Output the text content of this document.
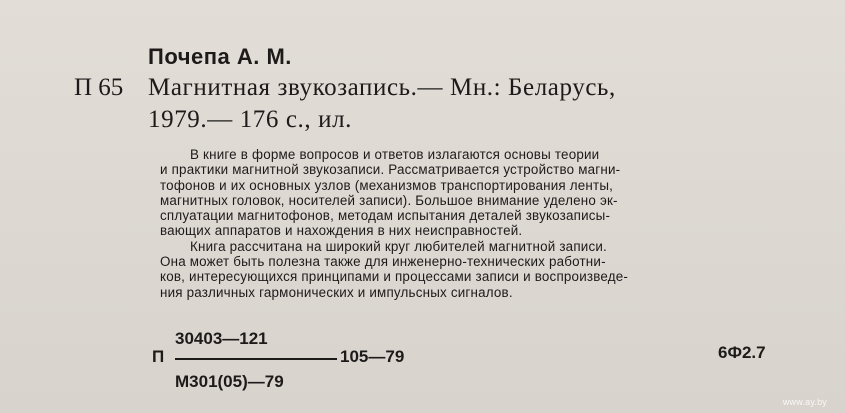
Почепа А. М.
П 65 Магнитная звукозапись.— Мн.: Беларусь,
1979.— 176 с., ил.
В книге в форме вопросов и ответов излагаются основы теории
и практики магнитной звукозаписи. Рассматривается устройство магни-
тофонов и их основных узлов (механизмов транспортирования ленты,
магнитных головок, носителей записи). Большое внимание уделено эк-
сплуатации магнитофонов, методам испытания деталей звукозаписы-
вающих аппаратов и нахождения в них неисправностей.
Книга рассчитана на широкий круг любителей магнитной записи.
Она может быть полезна также для инженерно-технических работни-
ков, интересующихся принципами и процессами записи и воспроизведе-
ния различных гармонических и импульсных сигналов.
30403—121
П	105—79
М301(05)—79
6Ф2.7
www.ay.by
